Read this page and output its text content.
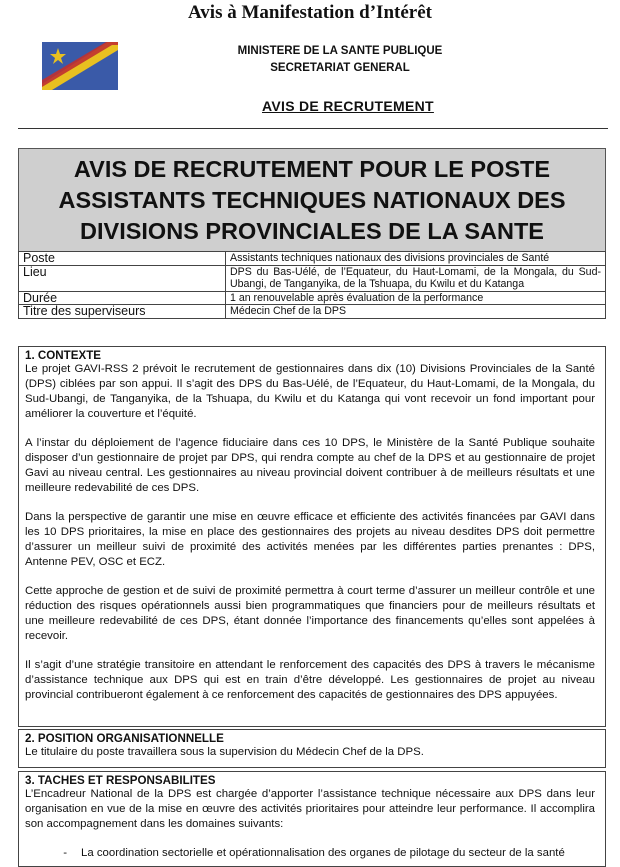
Avis à Manifestation d’Intérêt
MINISTERE DE LA SANTE PUBLIQUE
SECRETARIAT GENERAL
AVIS DE RECRUTEMENT
AVIS DE RECRUTEMENT POUR LE POSTE
ASSISTANTS TECHNIQUES NATIONAUX DES
DIVISIONS PROVINCIALES DE LA SANTE
Poste	Assistants techniques nationaux des divisions provinciales de Santé
Lieu	DPS du Bas-Uélé, de l’Equateur, du Haut-Lomami, de la Mongala, du Sud-Ubangi, de Tanganyika, de la Tshuapa, du Kwilu et du Katanga
Durée	1 an renouvelable après évaluation de la performance
Titre des superviseurs	Médecin Chef de la DPS
1. CONTEXTE

Le projet GAVI-RSS 2 prévoit le recrutement de gestionnaires dans dix (10) Divisions Provinciales de la Santé (DPS) ciblées par son appui. Il s’agit des DPS du Bas-Uélé, de l’Equateur, du Haut-Lomami, de la Mongala, du Sud-Ubangi, de Tanganyika, de la Tshuapa, du Kwilu et du Katanga qui vont recevoir un fond important pour améliorer la couverture et l’équité.

A l’instar du déploiement de l’agence fiduciaire dans ces 10 DPS, le Ministère de la Santé Publique souhaite disposer d’un gestionnaire de projet par DPS, qui rendra compte au chef de la DPS et au gestionnaire de projet Gavi au niveau central. Les gestionnaires au niveau provincial doivent contribuer à de meilleurs résultats et une meilleure redevabilité de ces DPS.

Dans la perspective de garantir une mise en œuvre efficace et efficiente des activités financées par GAVI dans les 10 DPS prioritaires, la mise en place des gestionnaires des projets au niveau desdites DPS doit permettre d’assurer un meilleur suivi de proximité des activités menées par les différentes parties prenantes : DPS, Antenne PEV, OSC et ECZ.

Cette approche de gestion et de suivi de proximité permettra à court terme d’assurer un meilleur contrôle et une réduction des risques opérationnels aussi bien programmatiques que financiers pour de meilleurs résultats et une meilleure redevabilité de ces DPS, étant donnée l’importance des financements qu’elles sont appelées à recevoir.

Il s’agit d’une stratégie transitoire en attendant le renforcement des capacités des DPS à travers le mécanisme d’assistance technique aux DPS qui est en train d’être développé. Les gestionnaires de projet au niveau provincial contribueront également à ce renforcement des capacités de gestionnaires des DPS appuyées.

2. POSITION ORGANISATIONNELLE

Le titulaire du poste travaillera sous la supervision du Médecin Chef de la DPS.

3. TACHES ET RESPONSABILITES

L’Encadreur National de la DPS est chargée d’apporter l’assistance technique nécessaire aux DPS dans leur organisation en vue de la mise en œuvre des activités prioritaires pour atteindre leur performance. Il accomplira son accompagnement dans les domaines suivants:

-	La coordination sectorielle et opérationnalisation des organes de pilotage du secteur de la santé
